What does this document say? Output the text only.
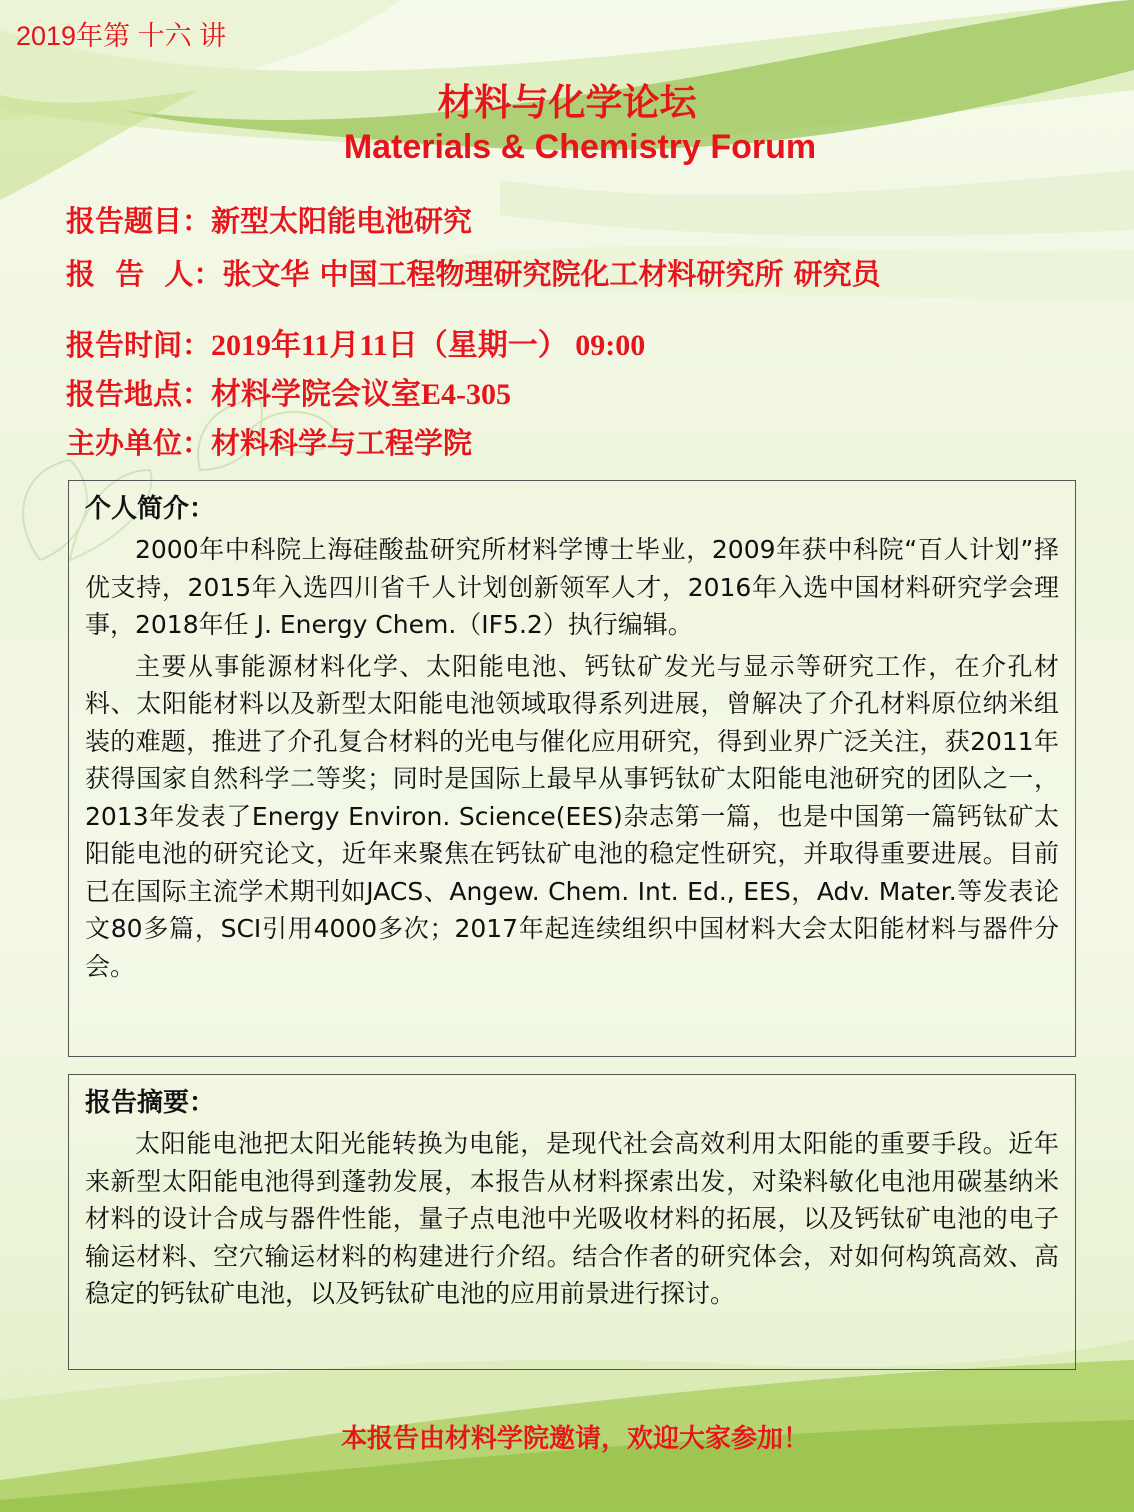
2019年第 十六 讲
材料与化学论坛
Materials & Chemistry Forum
报告题目：新型太阳能电池研究
报  告  人：张文华 中国工程物理研究院化工材料研究所 研究员
报告时间：2019年11月11日（星期一） 09:00
报告地点：材料学院会议室E4-305
主办单位：材料科学与工程学院
个人简介：

2000年中科院上海硅酸盐研究所材料学博士毕业，2009年获中科院“百人计划”择优支持，2015年入选四川省千人计划创新领军人才，2016年入选中国材料研究学会理事，2018年任 J. Energy Chem.（IF5.2）执行编辑。

主要从事能源材料化学、太阳能电池、钙钛矿发光与显示等研究工作，在介孔材料、太阳能材料以及新型太阳能电池领域取得系列进展，曾解决了介孔材料原位纳米组装的难题，推进了介孔复合材料的光电与催化应用研究，得到业界广泛关注，获2011年获得国家自然科学二等奖；同时是国际上最早从事钙钛矿太阳能电池研究的团队之一，2013年发表了Energy Environ. Science(EES)杂志第一篇，也是中国第一篇钙钛矿太阳能电池的研究论文，近年来聚焦在钙钛矿电池的稳定性研究，并取得重要进展。目前已在国际主流学术期刊如JACS、Angew. Chem. Int. Ed., EES，Adv. Mater.等发表论文80多篇，SCI引用4000多次；2017年起连续组织中国材料大会太阳能材料与器件分会。

报告摘要：

太阳能电池把太阳光能转换为电能，是现代社会高效利用太阳能的重要手段。近年来新型太阳能电池得到蓬勃发展，本报告从材料探索出发，对染料敏化电池用碳基纳米材料的设计合成与器件性能，量子点电池中光吸收材料的拓展，以及钙钛矿电池的电子输运材料、空穴输运材料的构建进行介绍。结合作者的研究体会，对如何构筑高效、高稳定的钙钛矿电池，以及钙钛矿电池的应用前景进行探讨。

本报告由材料学院邀请，欢迎大家参加！
